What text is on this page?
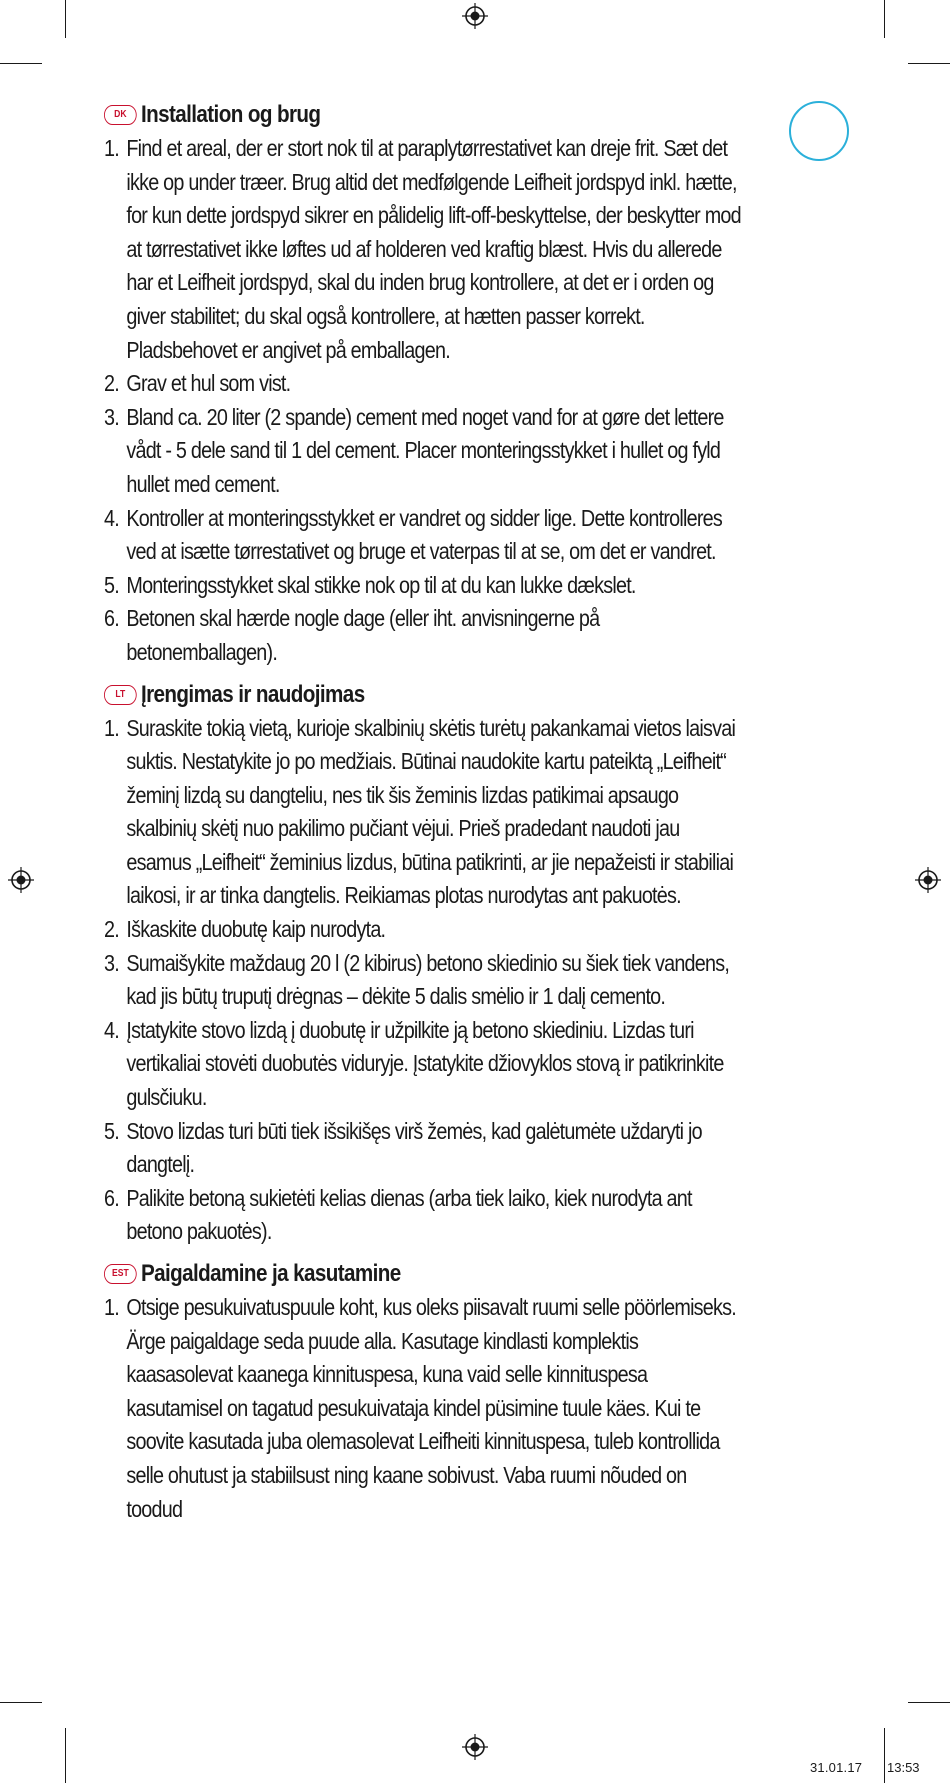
DK Installation og brug
1. Find et areal, der er stort nok til at paraplytørrestativet kan dreje frit. Sæt det ikke op under træer. Brug altid det medfølgende Leifheit jordspyd inkl. hætte, for kun dette jordspyd sikrer en pålidelig lift-off-beskyttelse, der beskytter mod at tørrestativet ikke løftes ud af holderen ved kraftig blæst. Hvis du allerede har et Leifheit jordspyd, skal du inden brug kontrollere, at det er i orden og giver stabilitet; du skal også kontrollere, at hætten passer korrekt. Pladsbehovet er angivet på emballagen.
2. Grav et hul som vist.
3. Bland ca. 20 liter (2 spande) cement med noget vand for at gøre det lettere vådt - 5 dele sand til 1 del cement. Placer monteringsstykket i hullet og fyld hullet med cement.
4. Kontroller at monteringsstykket er vandret og sidder lige. Dette kontrolleres ved at isætte tørrestativet og bruge et vaterpas til at se, om det er vandret.
5. Monteringsstykket skal stikke nok op til at du kan lukke dækslet.
6. Betonen skal hærde nogle dage (eller iht. anvisningerne på betonemballagen).
LT Įrengimas ir naudojimas
1. Suraskite tokią vietą, kurioje skalbinių skėtis turėtų pakankamai vietos laisvai suktis. Nestatykite jo po medžiais. Būtinai naudokite kartu pateiktą „Leifheit“ žeminį lizdą su dangteliu, nes tik šis žeminis lizdas patikimai apsaugo skalbinių skėtį nuo pakilimo pučiant vėjui. Prieš pradedant naudoti jau esamus „Leifheit“ žeminius lizdus, būtina patikrinti, ar jie nepažeisti ir stabiliai laikosi, ir ar tinka dangtelis. Reikiamas plotas nurodytas ant pakuotės.
2. Iškaskite duobutę kaip nurodyta.
3. Sumaišykite maždaug 20 l (2 kibirus) betono skiedinio su šiek tiek vandens, kad jis būtų truputį drėgnas – dėkite 5 dalis smėlio ir 1 dalį cemento.
4. Įstatykite stovo lizdą į duobutę ir užpilkite ją betono skiediniu. Lizdas turi vertikaliai stovėti duobutės viduryje. Įstatykite džiovyklos stovą ir patikrinkite gulsčiuku.
5. Stovo lizdas turi būti tiek išsikišęs virš žemės, kad galėtumėte uždaryti jo dangtelį.
6. Palikite betoną sukietėti kelias dienas (arba tiek laiko, kiek nurodyta ant betono pakuotės).
EST Paigaldamine ja kasutamine
1. Otsige pesukuivatuspuule koht, kus oleks piisavalt ruumi selle pöörlemiseks. Ärge paigaldage seda puude alla. Kasutage kindlasti komplektis kaasasolevat kaanega kinnituspesa, kuna vaid selle kinnituspesa kasutamisel on tagatud pesukuivataja kindel püsimine tuule käes. Kui te soovite kasutada juba olemasolevat Leifheiti kinnituspesa, tuleb kontrollida selle ohutust ja stabiilsust ning kaane sobivust. Vaba ruumi nõuded on toodud
31.01.17 13:53
